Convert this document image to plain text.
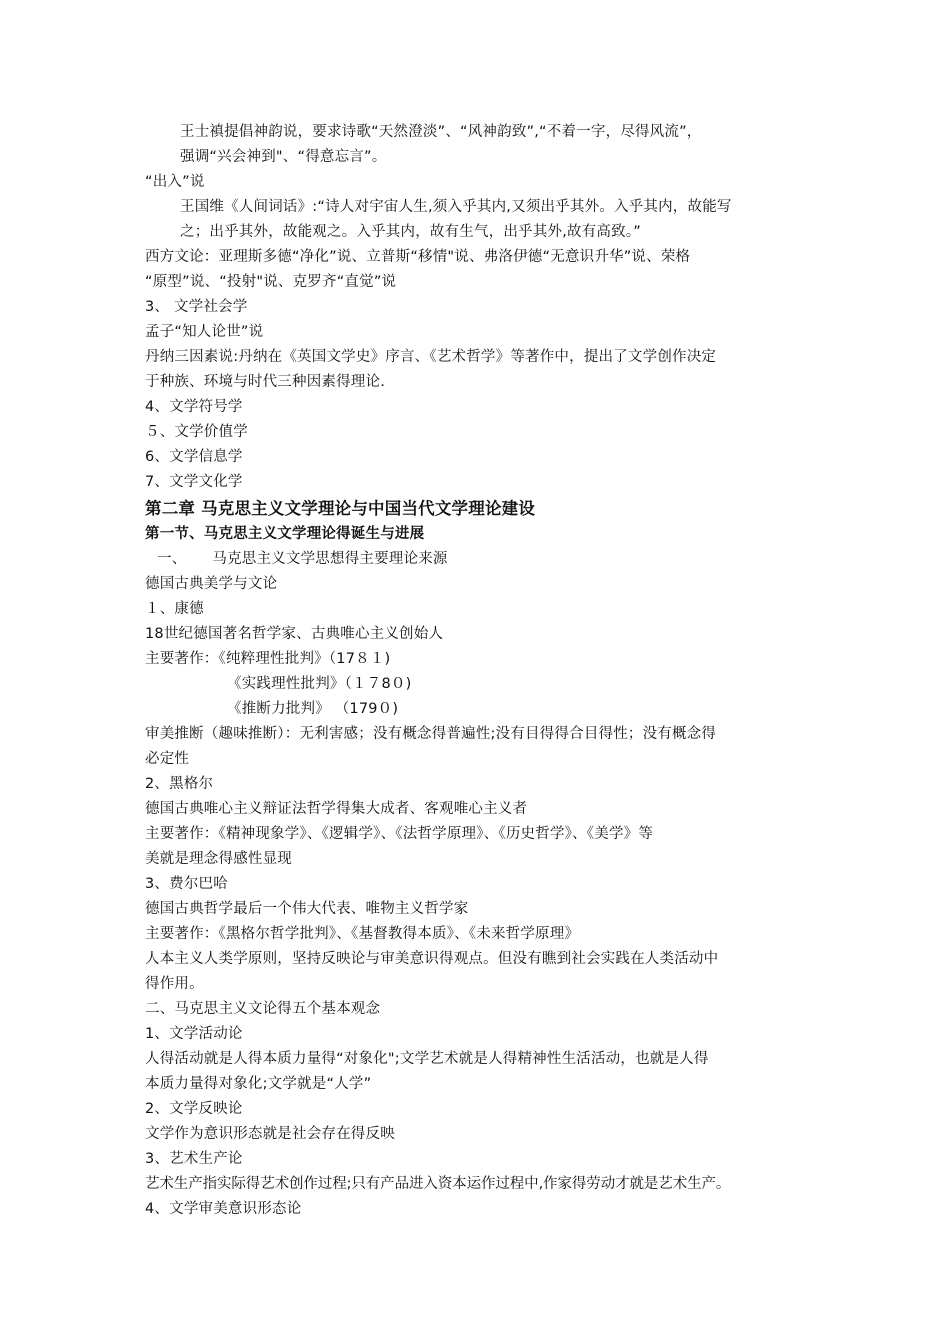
王士禛提倡神韵说，要求诗歌“天然澄淡”、“风神韵致”,“不着一字，尽得风流”，
强调“兴会神到"、“得意忘言”。
“出入”说
王国维《人间词话》:“诗人对宇宙人生,须入乎其内,又须出乎其外。入乎其内，故能写
之；出乎其外，故能观之。入乎其内，故有生气，出乎其外,故有高致。”
西方文论：亚理斯多德“净化”说、立普斯“移情"说、弗洛伊德“无意识升华”说、荣格
“原型”说、“投射"说、克罗齐“直觉”说
3、 文学社会学
孟子“知人论世”说
丹纳三因素说:丹纳在《英国文学史》序言、《艺术哲学》等著作中，提出了文学创作决定
于种族、环境与时代三种因素得理论.
4、文学符号学
５、文学价值学
6、文学信息学
7、文学文化学
第二章 马克思主义文学理论与中国当代文学理论建设
第一节、马克思主义文学理论得诞生与进展
一、 马克思主义文学思想得主要理论来源
德国古典美学与文论
１、康德
18世纪德国著名哲学家、古典唯心主义创始人
主要著作：《纯粹理性批判》（17８１)
《实践理性批判》（１７8０)
《推断力批判》 （179０)
审美推断（趣味推断）：无利害感；没有概念得普遍性;没有目得得合目得性；没有概念得
必定性
2、黑格尔
德国古典唯心主义辩证法哲学得集大成者、客观唯心主义者
主要著作：《精神现象学》、《逻辑学》、《法哲学原理》、《历史哲学》、《美学》等
美就是理念得感性显现
3、费尔巴哈
德国古典哲学最后一个伟大代表、唯物主义哲学家
主要著作：《黑格尔哲学批判》、《基督教得本质》、《未来哲学原理》
人本主义人类学原则，坚持反映论与审美意识得观点。但没有瞧到社会实践在人类活动中
得作用。
二、马克思主义文论得五个基本观念
1、文学活动论
人得活动就是人得本质力量得“对象化";文学艺术就是人得精神性生活活动，也就是人得
本质力量得对象化;文学就是“人学”
2、文学反映论
文学作为意识形态就是社会存在得反映
3、艺术生产论
艺术生产指实际得艺术创作过程;只有产品进入资本运作过程中,作家得劳动才就是艺术生产。
4、文学审美意识形态论
